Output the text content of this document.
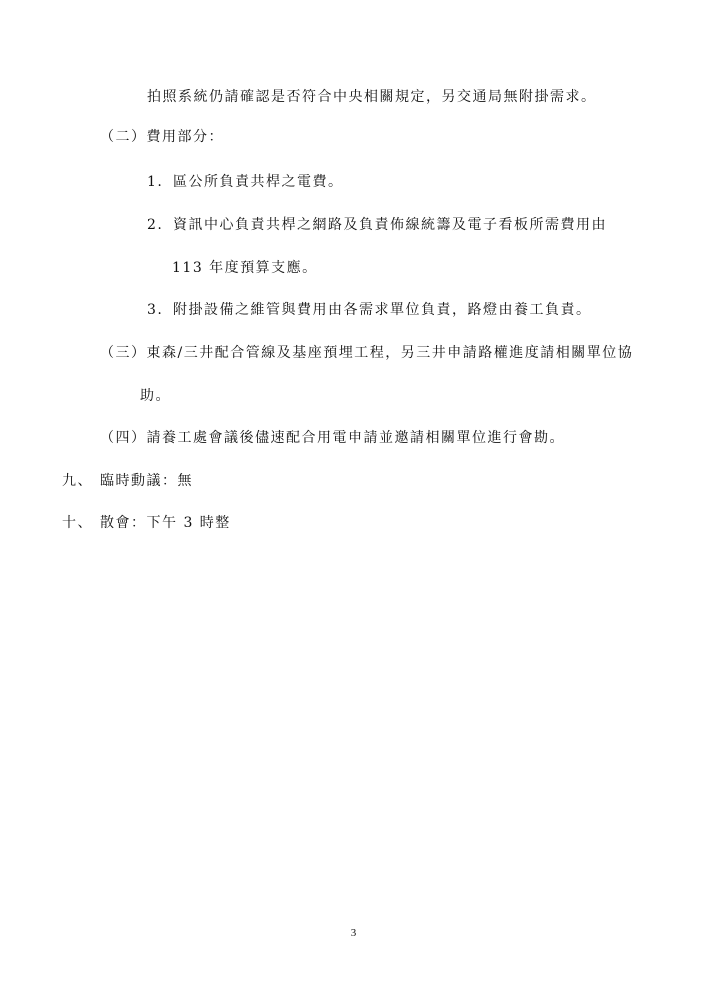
拍照系統仍請確認是否符合中央相關規定，另交通局無附掛需求。
（二）費用部分：
1. 區公所負責共桿之電費。
2. 資訊中心負責共桿之網路及負責佈線統籌及電子看板所需費用由
113 年度預算支應。
3. 附掛設備之維管與費用由各需求單位負責，路燈由養工負責。
（三）東森/三井配合管線及基座預埋工程，另三井申請路權進度請相關單位協
助。
（四）請養工處會議後儘速配合用電申請並邀請相關單位進行會勘。
九、 臨時動議：無
十、 散會：下午 3 時整
3
